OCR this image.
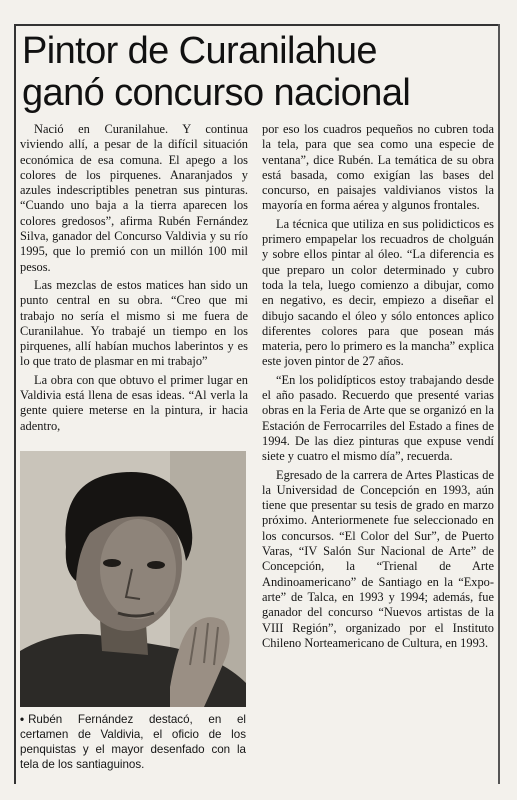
Pintor de Curanilahue
ganó concurso nacional

Nació en Curanilahue. Y continua viviendo allí, a pesar de la difícil situación económica de esa comuna. El apego a los colores de los pirquenes. Anaranjados y azules indescriptibles penetran sus pinturas. “Cuando uno baja a la tierra aparecen los colores gredosos”, afirma Rubén Fernández Silva, ganador del Concurso Valdivia y su río 1995, que lo premió con un millón 100 mil pesos.

Las mezclas de estos matices han sido un punto central en su obra. “Creo que mi trabajo no sería el mismo si me fuera de Curanilahue. Yo trabajé un tiempo en los pirquenes, allí habían muchos laberintos y es lo que trato de plasmar en mi trabajo”

La obra con que obtuvo el primer lugar en Valdivia está llena de esas ideas. “Al verla la gente quiere meterse en la pintura, ir hacia adentro,

• Rubén Fernández destacó, en el certamen de Valdivia, el oficio de los penquistas y el mayor desenfado con la tela de los santiaguinos.

por eso los cuadros pequeños no cubren toda la tela, para que sea como una especie de ventana”, dice Rubén. La temática de su obra está basada, como exigían las bases del concurso, en paisajes valdivianos vistos la mayoría en forma aérea y algunos frontales.

La técnica que utiliza en sus polidicticos es primero empapelar los recuadros de cholguán y sobre ellos pintar al óleo. “La diferencia es que preparo un color determinado y cubro toda la tela, luego comienzo a dibujar, como en negativo, es decir, empiezo a diseñar el dibujo sacando el óleo y sólo entonces aplico diferentes colores para que posean más materia, pero lo primero es la mancha” explica este joven pintor de 27 años.

“En los polidípticos estoy trabajando desde el año pasado. Recuerdo que presenté varias obras en la Feria de Arte que se organizó en la Estación de Ferrocarriles del Estado a fines de 1994. De las diez pinturas que expuse vendí siete y cuatro el mismo día”, recuerda.

Egresado de la carrera de Artes Plasticas de la Universidad de Concepción en 1993, aún tiene que presentar su tesis de grado en marzo próximo. Anteriormenete fue seleccionado en los concursos. “El Color del Sur”, de Puerto Varas, “IV Salón Sur Nacional de Arte” de Concepción, la “Trienal de Arte Andinoamericano” de Santiago en la “Expo-arte” de Talca, en 1993 y 1994; además, fue ganador del concurso “Nuevos artistas de la VIII Región”, organizado por el Instituto Chileno Norteamericano de Cultura, en 1993.
